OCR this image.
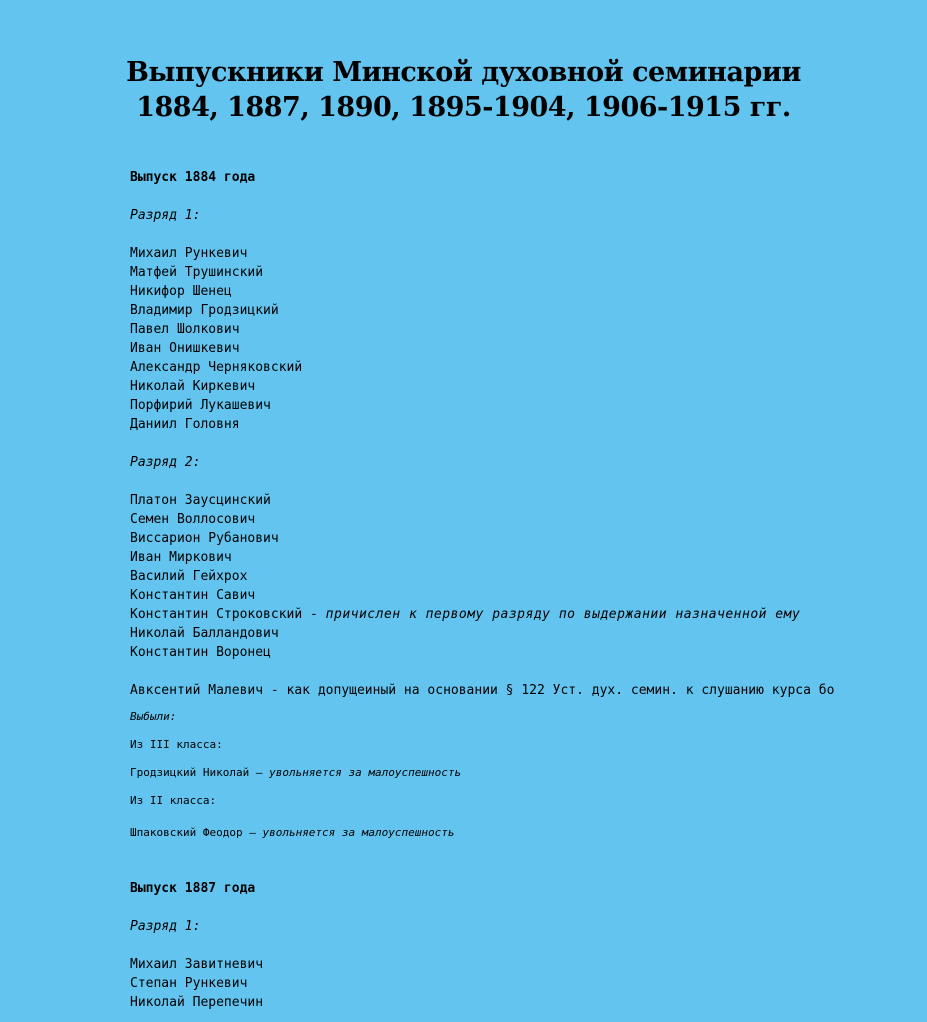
Выпускники Минской духовной семинарии
1884, 1887, 1890, 1895-1904, 1906-1915 гг.
Выпуск 1884 года
Разряд 1:
Михаил Рункевич
Матфей Трушинский
Никифор Шенец
Владимир Гродзицкий
Павел Шолкович
Иван Онишкевич
Александр Черняковский
Николай Киркевич
Порфирий Лукашевич
Даниил Головня
Разряд 2:
Платон Заусцинский
Семен Воллосович
Виссарион Рубанович
Иван Миркович
Василий Гейхрох
Константин Савич
Константин Строковский - причислен к первому разряду по выдержании назначенной ему
Николай Балландович
Константин Воронец
Авксентий Малевич - как допущеиный на основании § 122 Уст. дух. семин. к слушанию курса бо
Выбыли:
Из III класса:
Гродзицкий Николай – увольняется за малоуспешность
Из II класса:
Шпаковский Феодор – увольняется за малоуспешность
Выпуск 1887 года
Разряд 1:
Михаил Завитневич
Степан Рункевич
Николай Перепечин
